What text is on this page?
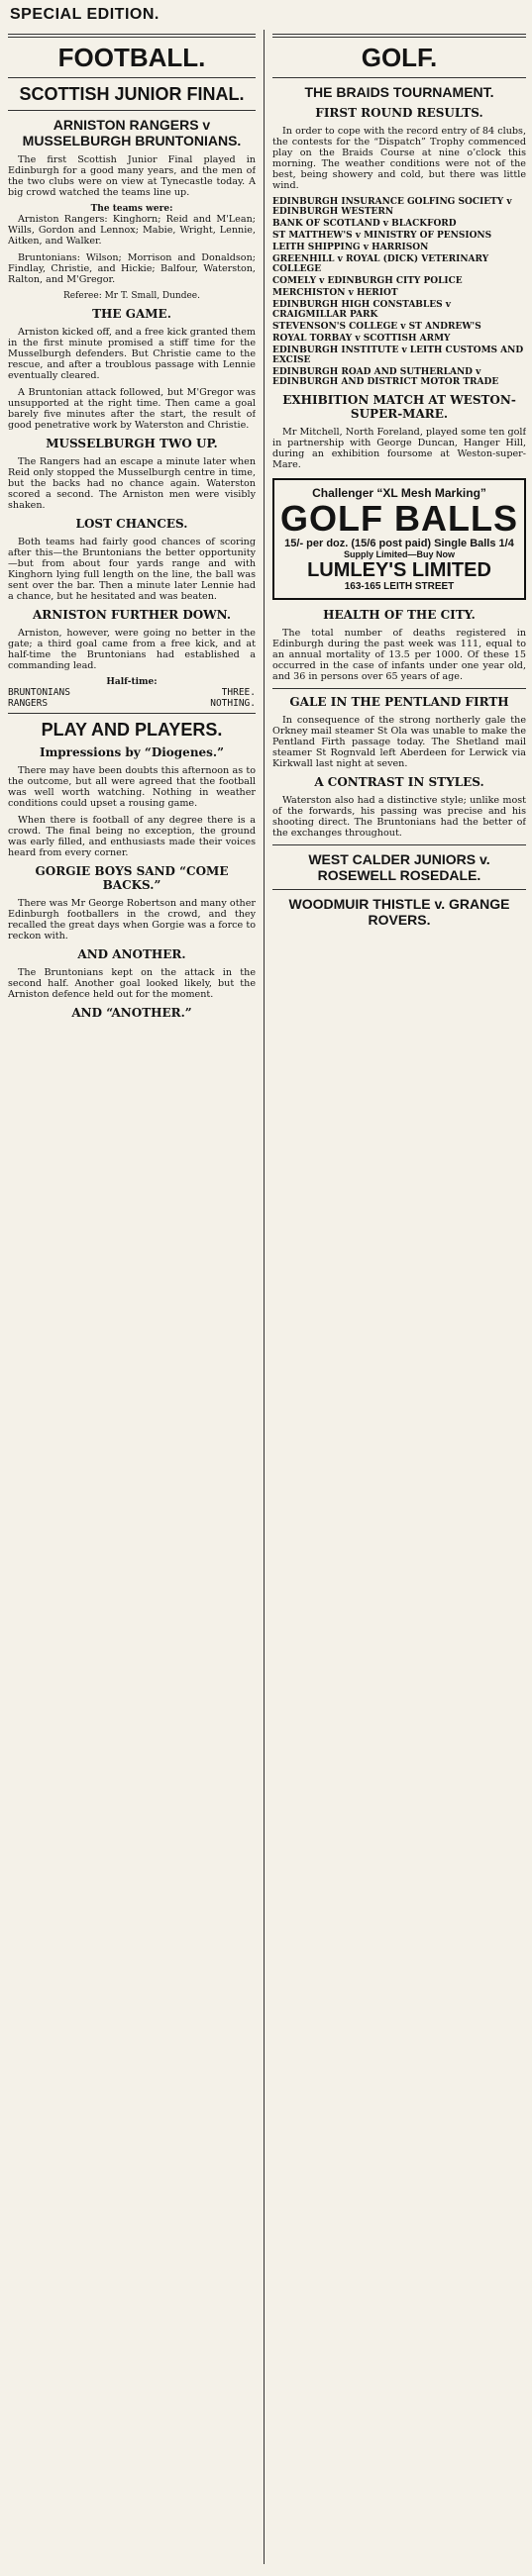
SPECIAL EDITION.
FOOTBALL.
SCOTTISH JUNIOR FINAL.
ARNISTON RANGERS v MUSSELBURGH BRUNTONIANS.
The first Scottish Junior Final played in Edinburgh for a good many years, and the men of the two clubs were on view at Tynecastle today. A big crowd watched the teams line up.
The teams were:
Arniston Rangers: Kinghorn; Reid and M'Lean; Wills, Gordon and Lennox; Mabie, Wright, Lennie, Aitken, and Walker.
Bruntonians: Wilson; Morrison and Donaldson; Findlay, Christie, and Hickie; Balfour, Waterston, Ralton, and M'Gregor.
Referee: Mr T. Small, Dundee.
THE GAME.
Arniston kicked off, and a free kick granted them in the first minute promised a stiff time for the Musselburgh defenders. But Christie came to the rescue, and after a troublous passage with Lennie eventually cleared.
A Bruntonian attack followed, but M'Gregor was unsupported at the right time. Then came a goal barely five minutes after the start, the result of good penetrative work by Waterston and Christie.
MUSSELBURGH TWO UP.
The Rangers had an escape a minute later when Reid only stopped the Musselburgh centre in time, but the backs had no chance again. Waterston scored a second. The Arniston men were visibly shaken.
LOST CHANCES.
Both teams had fairly good chances of scoring after this—the Bruntonians the better opportunity—but from about four yards range and with Kinghorn lying full length on the line, the ball was sent over the bar. Then a minute later Lennie had a chance, but he hesitated and was beaten.
ARNISTON FURTHER DOWN.
Arniston, however, were going no better in the gate; a third goal came from a free kick, and at half-time the Bruntonians had established a commanding lead.
Half-time:
BRUNTONIANS	THREE.
RANGERS	NOTHING.
PLAY AND PLAYERS.
Impressions by “Diogenes.”
There may have been doubts this afternoon as to the outcome, but all were agreed that the football was well worth watching. Nothing in weather conditions could upset a rousing game.
When there is football of any degree there is a crowd. The final being no exception, the ground was early filled, and enthusiasts made their voices heard from every corner.
GORGIE BOYS SAND “COME BACKS.”
There was Mr George Robertson and many other Edinburgh footballers in the crowd, and they recalled the great days when Gorgie was a force to reckon with.
AND ANOTHER.
The Bruntonians kept on the attack in the second half. Another goal looked likely, but the Arniston defence held out for the moment.
AND “ANOTHER.”
GOLF.
THE BRAIDS TOURNAMENT.
FIRST ROUND RESULTS.
In order to cope with the record entry of 84 clubs, the contests for the “Dispatch” Trophy commenced play on the Braids Course at nine o’clock this morning. The weather conditions were not of the best, being showery and cold, but there was little wind.
EDINBURGH INSURANCE GOLFING SOCIETY v EDINBURGH WESTERN
BANK OF SCOTLAND v BLACKFORD
ST MATTHEW'S v MINISTRY OF PENSIONS
LEITH SHIPPING v HARRISON
GREENHILL v ROYAL (DICK) VETERINARY COLLEGE
COMELY v EDINBURGH CITY POLICE
MERCHISTON v HERIOT
EDINBURGH HIGH CONSTABLES v CRAIGMILLAR PARK
STEVENSON'S COLLEGE v ST ANDREW'S
ROYAL TORBAY v SCOTTISH ARMY
EDINBURGH INSTITUTE v LEITH CUSTOMS AND EXCISE
EDINBURGH ROAD AND SUTHERLAND v EDINBURGH AND DISTRICT MOTOR TRADE
EXHIBITION MATCH AT WESTON-SUPER-MARE.
Mr Mitchell, North Foreland, played some ten golf in partnership with George Duncan, Hanger Hill, during an exhibition foursome at Weston-super-Mare.
Challenger “XL Mesh Marking”
GOLF BALLS
15/- per doz. (15/6 post paid) Single Balls 1/4
Supply Limited—Buy Now
LUMLEY'S LIMITED
163-165 LEITH STREET
HEALTH OF THE CITY.
The total number of deaths registered in Edinburgh during the past week was 111, equal to an annual mortality of 13.5 per 1000. Of these 15 occurred in the case of infants under one year old, and 36 in persons over 65 years of age.
GALE IN THE PENTLAND FIRTH
In consequence of the strong northerly gale the Orkney mail steamer St Ola was unable to make the Pentland Firth passage today. The Shetland mail steamer St Rognvald left Aberdeen for Lerwick via Kirkwall last night at seven.
A CONTRAST IN STYLES.
Waterston also had a distinctive style; unlike most of the forwards, his passing was precise and his shooting direct. The Bruntonians had the better of the exchanges throughout.
WEST CALDER JUNIORS v. ROSEWELL ROSEDALE.
WOODMUIR THISTLE v. GRANGE ROVERS.
